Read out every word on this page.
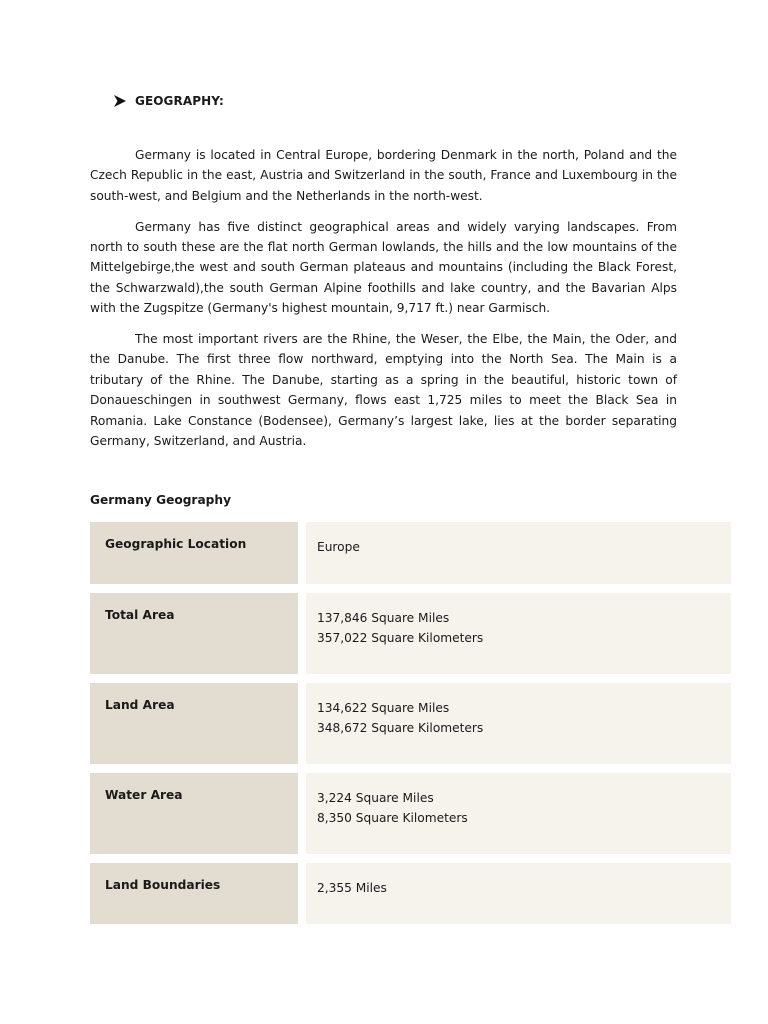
GEOGRAPHY:

Germany is located in Central Europe, bordering Denmark in the north, Poland and the Czech Republic in the east, Austria and Switzerland in the south, France and Luxembourg in the south-west, and Belgium and the Netherlands in the north-west.

Germany has five distinct geographical areas and widely varying landscapes. From north to south these are the flat north German lowlands, the hills and the low mountains of the Mittelgebirge,the west and south German plateaus and mountains (including the Black Forest, the Schwarzwald),the south German Alpine foothills and lake country, and the Bavarian Alps with the Zugspitze (Germany's highest mountain, 9,717 ft.) near Garmisch.

The most important rivers are the Rhine, the Weser, the Elbe, the Main, the Oder, and the Danube. The first three flow northward, emptying into the North Sea. The Main is a tributary of the Rhine. The Danube, starting as a spring in the beautiful, historic town of Donaueschingen in southwest Germany, flows east 1,725 miles to meet the Black Sea in Romania. Lake Constance (Bodensee), Germany’s largest lake, lies at the border separating Germany, Switzerland, and Austria.

Germany Geography
Geographic Location	Europe
Total Area	137,846 Square Miles
357,022 Square Kilometers
Land Area	134,622 Square Miles
348,672 Square Kilometers
Water Area	3,224 Square Miles
8,350 Square Kilometers
Land Boundaries	2,355 Miles
